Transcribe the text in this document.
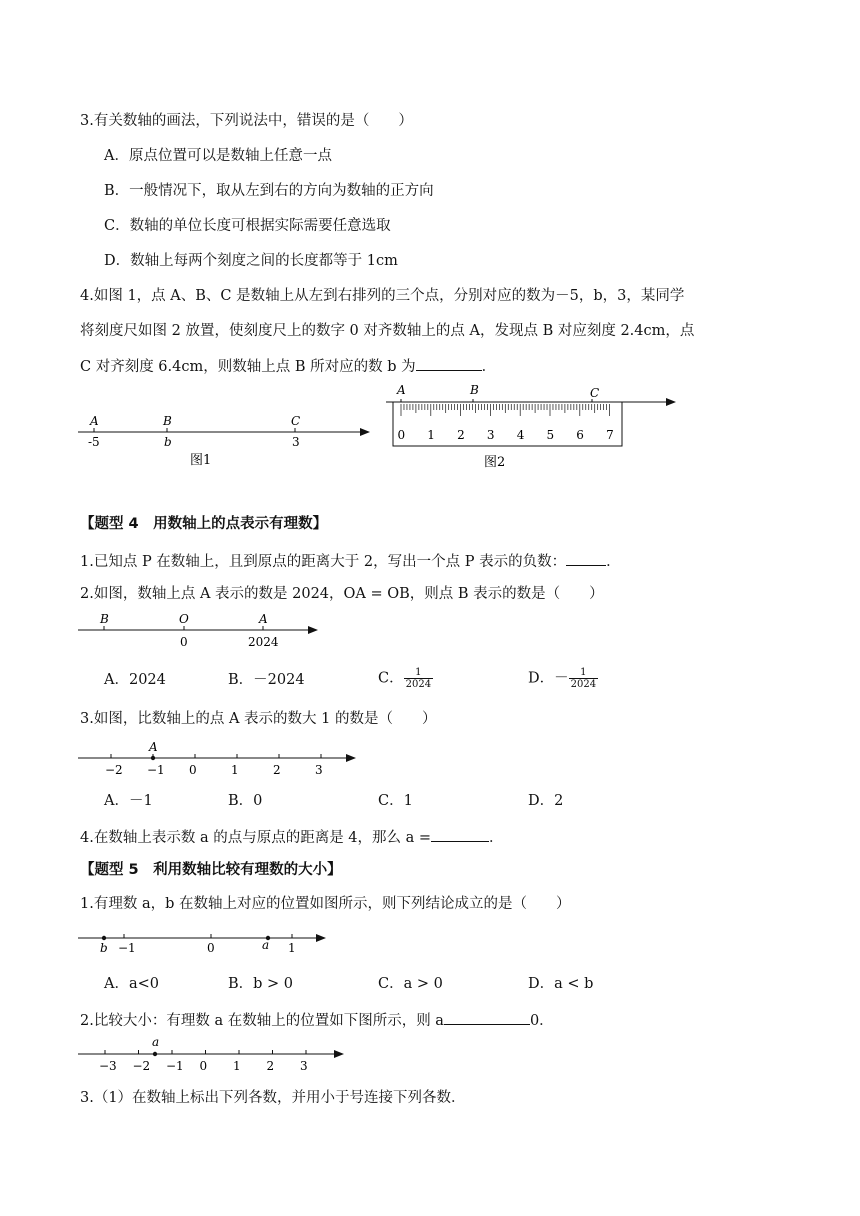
3.有关数轴的画法，下列说法中，错误的是（　　）
A．原点位置可以是数轴上任意一点
B．一般情况下，取从左到右的方向为数轴的正方向
C．数轴的单位长度可根据实际需要任意选取
D．数轴上每两个刻度之间的长度都等于 1cm
4.如图 1，点 A、B、C 是数轴上从左到右排列的三个点，分别对应的数为－5，b，3，某同学
将刻度尺如图 2 放置，使刻度尺上的数字 0 对齐数轴上的点 A，发现点 B 对应刻度 2.4cm，点
C 对齐刻度 6.4cm，则数轴上点 B 所对应的数 b 为	．
A	B	C
-5	b	3
图1
A	B	C
0 1 2 3 4 5 6 7
图2
【题型 4　用数轴上的点表示有理数】
1.已知点 P 在数轴上，且到原点的距离大于 2，写出一个点 P 表示的负数：	．
2.如图，数轴上点 A 表示的数是 2024，OA = OB，则点 B 表示的数是（　　）
B	O	A
0	2024
A．2024	B．－2024	C． $\frac{1}{2024}$	D．－ $\frac{1}{2024}$
3.如图，比数轴上的点 A 表示的数大 1 的数是（　　）
−2 −1 0	1	2	3
A
A．－1	B．0	C．1	D．2
4.在数轴上表示数 a 的点与原点的距离是 4，那么 a =	．
【题型 5　利用数轴比较有理数的大小】
1.有理数 a，b 在数轴上对应的位置如图所示，则下列结论成立的是（　　）
b −1	0	a 1
A．a<0	B．b > 0	C．a > 0	D．a < b
2.比较大小：有理数 a 在数轴上的位置如下图所示，则 a	0．
−3 −2 −1 0 1 2 3
a
3.（1）在数轴上标出下列各数，并用小于号连接下列各数．
